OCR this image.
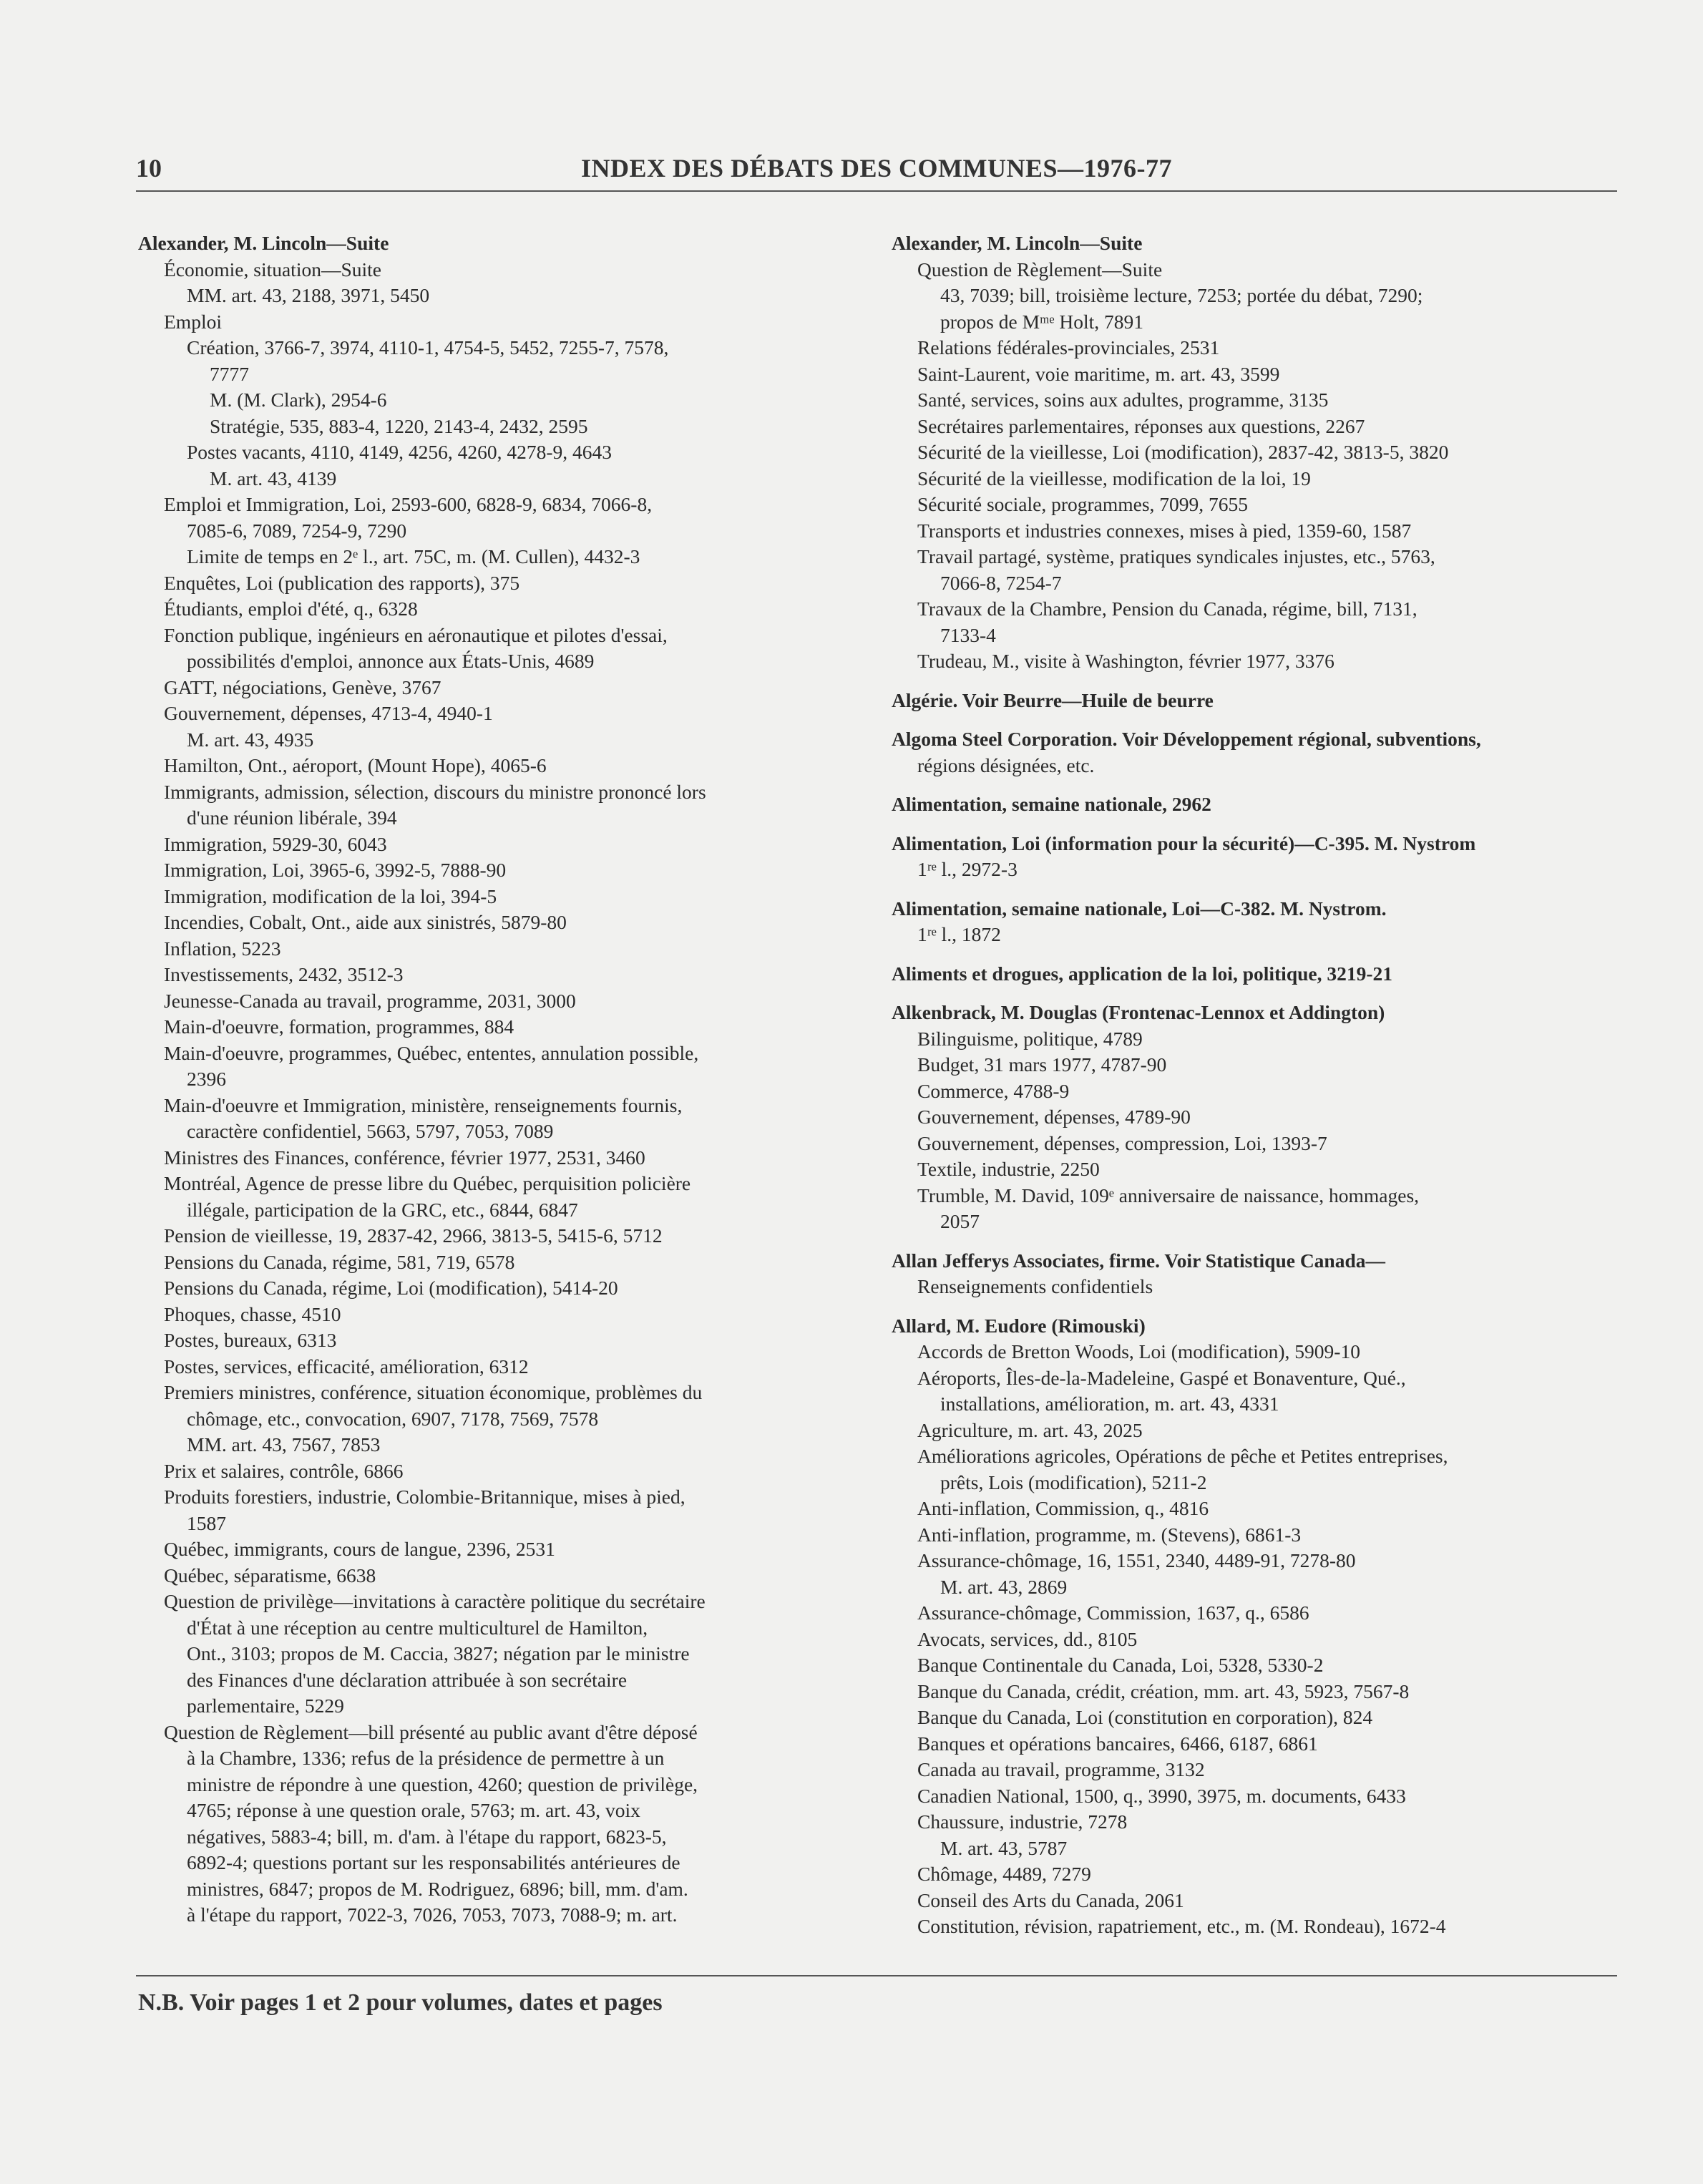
10	INDEX DES DÉBATS DES COMMUNES—1976-77
Alexander, M. Lincoln—Suite
Économie, situation—Suite
MM. art. 43, 2188, 3971, 5450
Emploi
Création, 3766-7, 3974, 4110-1, 4754-5, 5452, 7255-7, 7578,
7777
M. (M. Clark), 2954-6
Stratégie, 535, 883-4, 1220, 2143-4, 2432, 2595
Postes vacants, 4110, 4149, 4256, 4260, 4278-9, 4643
M. art. 43, 4139
Emploi et Immigration, Loi, 2593-600, 6828-9, 6834, 7066-8,
7085-6, 7089, 7254-9, 7290
Limite de temps en 2ᵉ l., art. 75C, m. (M. Cullen), 4432-3
Enquêtes, Loi (publication des rapports), 375
Étudiants, emploi d'été, q., 6328
Fonction publique, ingénieurs en aéronautique et pilotes d'essai,
possibilités d'emploi, annonce aux États-Unis, 4689
GATT, négociations, Genève, 3767
Gouvernement, dépenses, 4713-4, 4940-1
M. art. 43, 4935
Hamilton, Ont., aéroport, (Mount Hope), 4065-6
Immigrants, admission, sélection, discours du ministre prononcé lors
d'une réunion libérale, 394
Immigration, 5929-30, 6043
Immigration, Loi, 3965-6, 3992-5, 7888-90
Immigration, modification de la loi, 394-5
Incendies, Cobalt, Ont., aide aux sinistrés, 5879-80
Inflation, 5223
Investissements, 2432, 3512-3
Jeunesse-Canada au travail, programme, 2031, 3000
Main-d'oeuvre, formation, programmes, 884
Main-d'oeuvre, programmes, Québec, ententes, annulation possible,
2396
Main-d'oeuvre et Immigration, ministère, renseignements fournis,
caractère confidentiel, 5663, 5797, 7053, 7089
Ministres des Finances, conférence, février 1977, 2531, 3460
Montréal, Agence de presse libre du Québec, perquisition policière
illégale, participation de la GRC, etc., 6844, 6847
Pension de vieillesse, 19, 2837-42, 2966, 3813-5, 5415-6, 5712
Pensions du Canada, régime, 581, 719, 6578
Pensions du Canada, régime, Loi (modification), 5414-20
Phoques, chasse, 4510
Postes, bureaux, 6313
Postes, services, efficacité, amélioration, 6312
Premiers ministres, conférence, situation économique, problèmes du
chômage, etc., convocation, 6907, 7178, 7569, 7578
MM. art. 43, 7567, 7853
Prix et salaires, contrôle, 6866
Produits forestiers, industrie, Colombie-Britannique, mises à pied,
1587
Québec, immigrants, cours de langue, 2396, 2531
Québec, séparatisme, 6638
Question de privilège—invitations à caractère politique du secrétaire
d'État à une réception au centre multiculturel de Hamilton,
Ont., 3103; propos de M. Caccia, 3827; négation par le ministre
des Finances d'une déclaration attribuée à son secrétaire
parlementaire, 5229
Question de Règlement—bill présenté au public avant d'être déposé
à la Chambre, 1336; refus de la présidence de permettre à un
ministre de répondre à une question, 4260; question de privilège,
4765; réponse à une question orale, 5763; m. art. 43, voix
négatives, 5883-4; bill, m. d'am. à l'étape du rapport, 6823-5,
6892-4; questions portant sur les responsabilités antérieures de
ministres, 6847; propos de M. Rodriguez, 6896; bill, mm. d'am.
à l'étape du rapport, 7022-3, 7026, 7053, 7073, 7088-9; m. art.
Alexander, M. Lincoln—Suite
Question de Règlement—Suite
43, 7039; bill, troisième lecture, 7253; portée du débat, 7290;
propos de Mᵐᵉ Holt, 7891
Relations fédérales-provinciales, 2531
Saint-Laurent, voie maritime, m. art. 43, 3599
Santé, services, soins aux adultes, programme, 3135
Secrétaires parlementaires, réponses aux questions, 2267
Sécurité de la vieillesse, Loi (modification), 2837-42, 3813-5, 3820
Sécurité de la vieillesse, modification de la loi, 19
Sécurité sociale, programmes, 7099, 7655
Transports et industries connexes, mises à pied, 1359-60, 1587
Travail partagé, système, pratiques syndicales injustes, etc., 5763,
7066-8, 7254-7
Travaux de la Chambre, Pension du Canada, régime, bill, 7131,
7133-4
Trudeau, M., visite à Washington, février 1977, 3376
Algérie. Voir Beurre—Huile de beurre
Algoma Steel Corporation. Voir Développement régional, subventions,
régions désignées, etc.
Alimentation, semaine nationale, 2962
Alimentation, Loi (information pour la sécurité)—C-395. M. Nystrom
1ʳᵉ l., 2972-3
Alimentation, semaine nationale, Loi—C-382. M. Nystrom.
1ʳᵉ l., 1872
Aliments et drogues, application de la loi, politique, 3219-21
Alkenbrack, M. Douglas (Frontenac-Lennox et Addington)
Bilinguisme, politique, 4789
Budget, 31 mars 1977, 4787-90
Commerce, 4788-9
Gouvernement, dépenses, 4789-90
Gouvernement, dépenses, compression, Loi, 1393-7
Textile, industrie, 2250
Trumble, M. David, 109ᵉ anniversaire de naissance, hommages,
2057
Allan Jefferys Associates, firme. Voir Statistique Canada—
Renseignements confidentiels
Allard, M. Eudore (Rimouski)
Accords de Bretton Woods, Loi (modification), 5909-10
Aéroports, Îles-de-la-Madeleine, Gaspé et Bonaventure, Qué.,
installations, amélioration, m. art. 43, 4331
Agriculture, m. art. 43, 2025
Améliorations agricoles, Opérations de pêche et Petites entreprises,
prêts, Lois (modification), 5211-2
Anti-inflation, Commission, q., 4816
Anti-inflation, programme, m. (Stevens), 6861-3
Assurance-chômage, 16, 1551, 2340, 4489-91, 7278-80
M. art. 43, 2869
Assurance-chômage, Commission, 1637, q., 6586
Avocats, services, dd., 8105
Banque Continentale du Canada, Loi, 5328, 5330-2
Banque du Canada, crédit, création, mm. art. 43, 5923, 7567-8
Banque du Canada, Loi (constitution en corporation), 824
Banques et opérations bancaires, 6466, 6187, 6861
Canada au travail, programme, 3132
Canadien National, 1500, q., 3990, 3975, m. documents, 6433
Chaussure, industrie, 7278
M. art. 43, 5787
Chômage, 4489, 7279
Conseil des Arts du Canada, 2061
Constitution, révision, rapatriement, etc., m. (M. Rondeau), 1672-4
N.B. Voir pages 1 et 2 pour volumes, dates et pages
